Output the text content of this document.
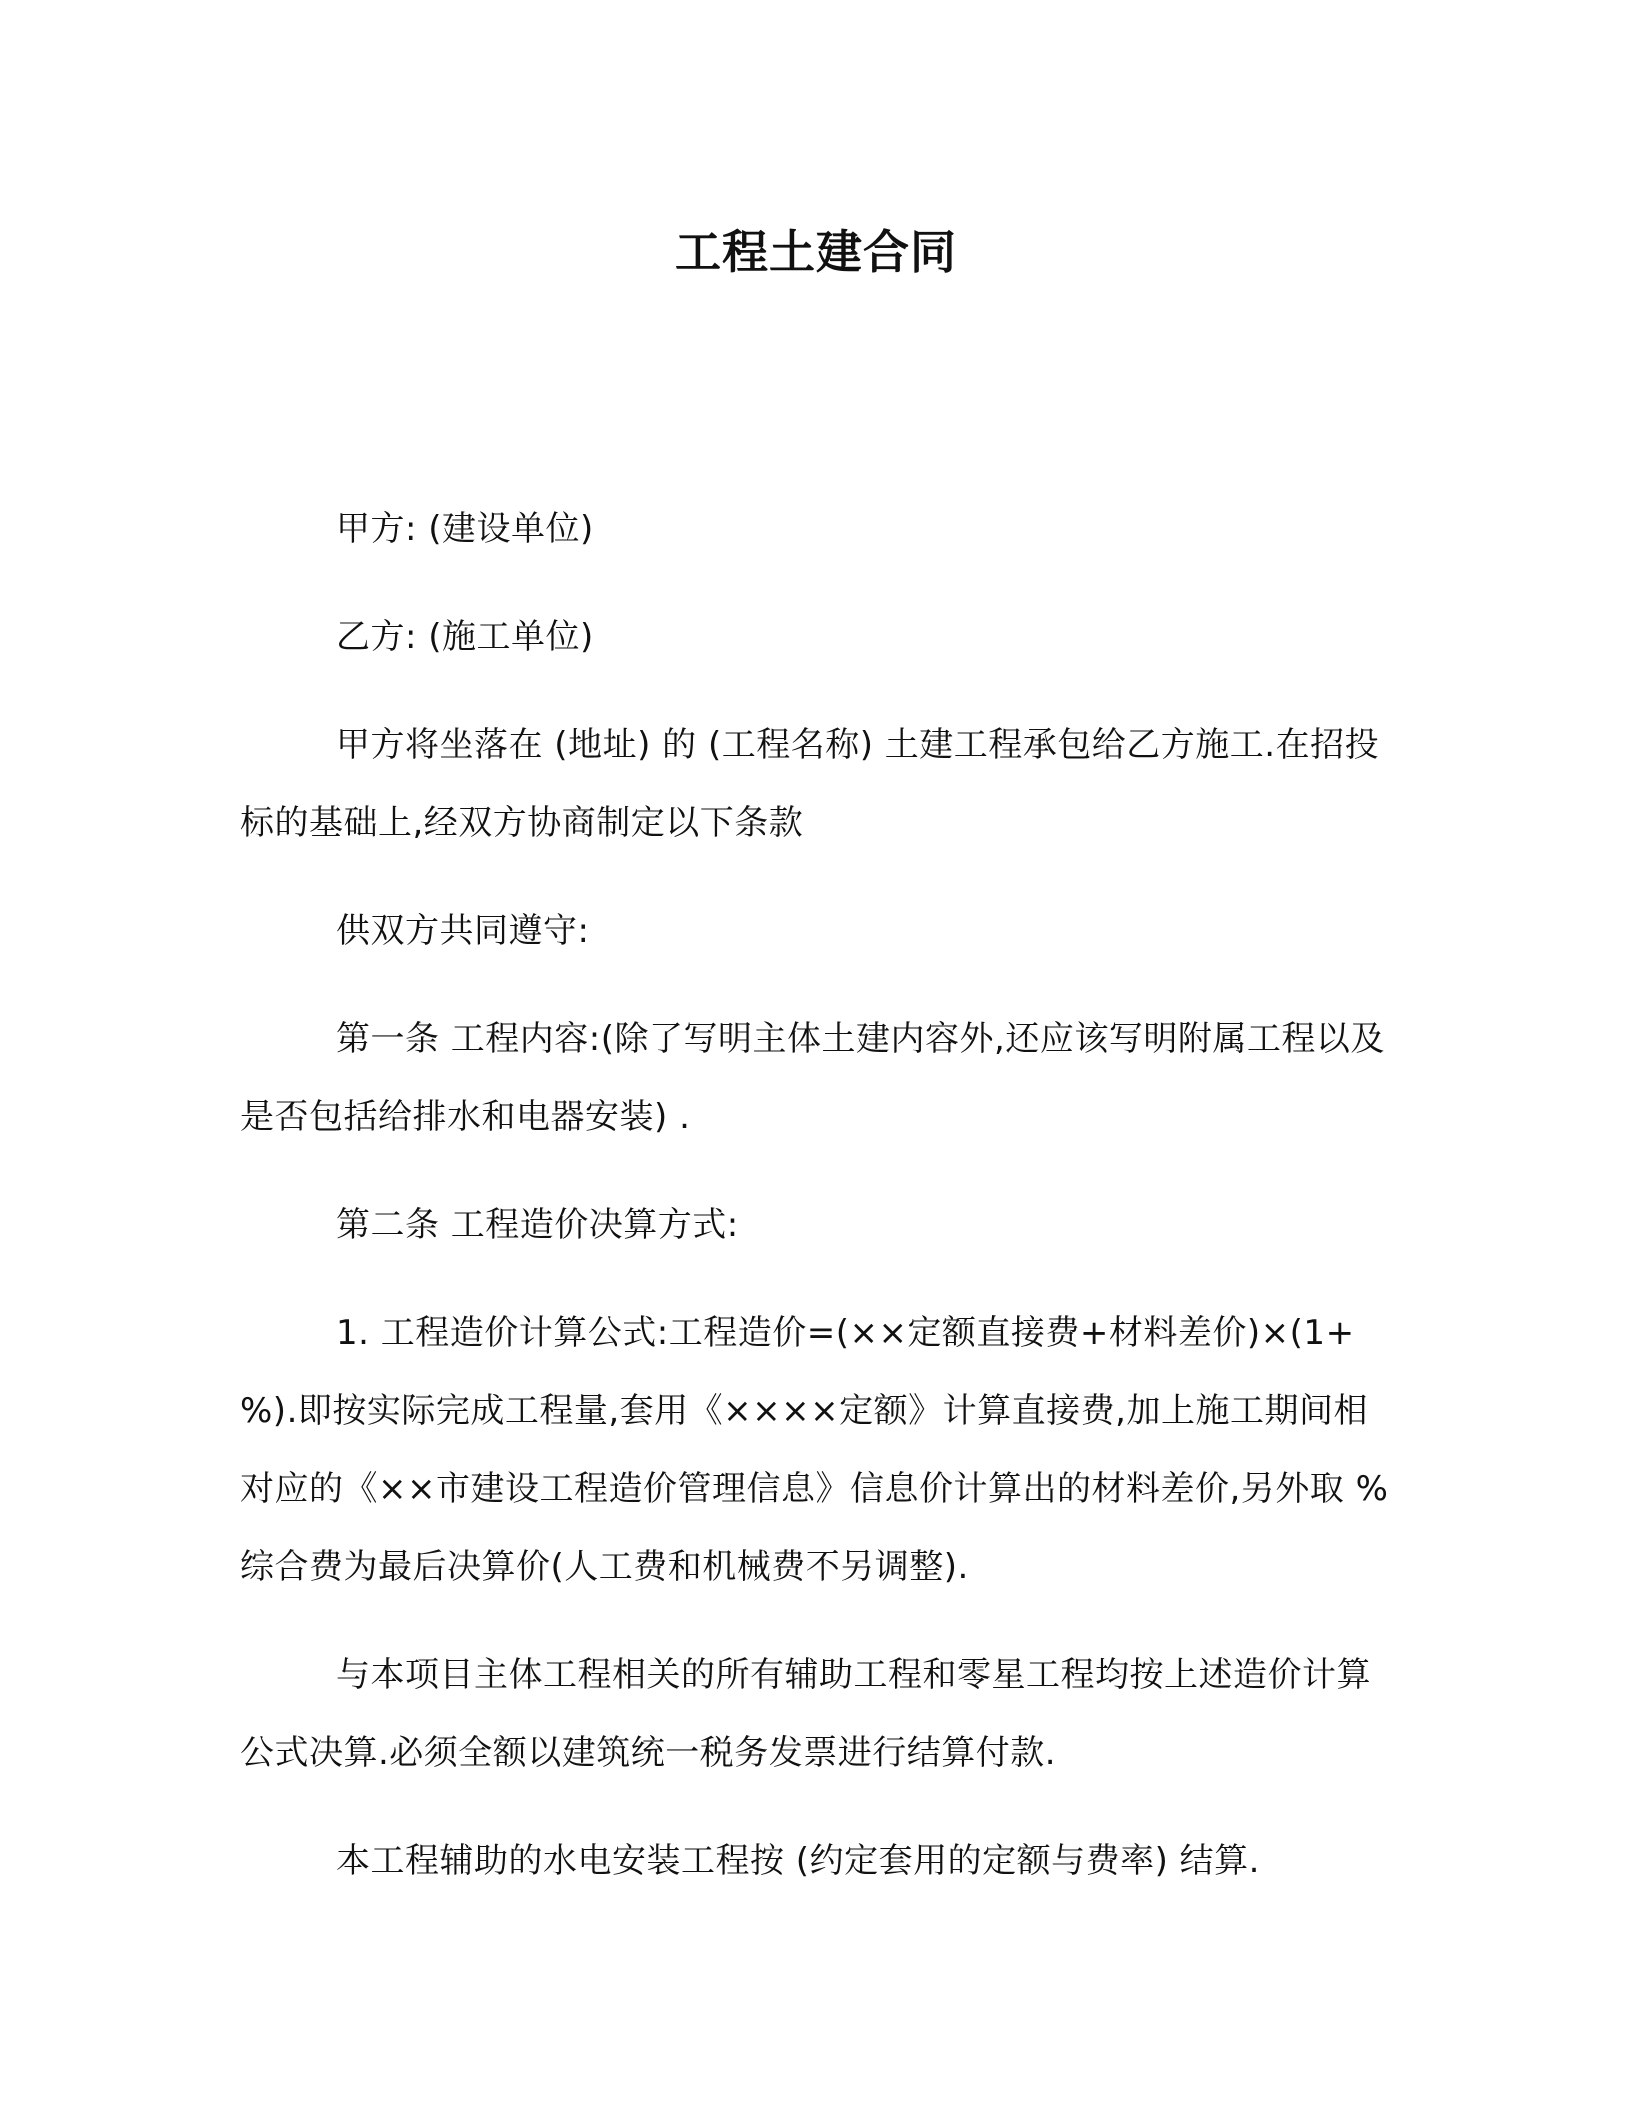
工程土建合同

甲方: (建设单位)

乙方: (施工单位)

甲方将坐落在 (地址) 的 (工程名称) 土建工程承包给乙方施工.在招投标的基础上,经双方协商制定以下条款

供双方共同遵守:

第一条 工程内容:(除了写明主体土建内容外,还应该写明附属工程以及是否包括给排水和电器安装) .

第二条 工程造价决算方式:

1. 工程造价计算公式:工程造价=(××定额直接费+材料差价)×(1+ %).即按实际完成工程量,套用《××××定额》计算直接费,加上施工期间相对应的《××市建设工程造价管理信息》信息价计算出的材料差价,另外取 %综合费为最后决算价(人工费和机械费不另调整).

与本项目主体工程相关的所有辅助工程和零星工程均按上述造价计算公式决算.必须全额以建筑统一税务发票进行结算付款.

本工程辅助的水电安装工程按 (约定套用的定额与费率) 结算.
